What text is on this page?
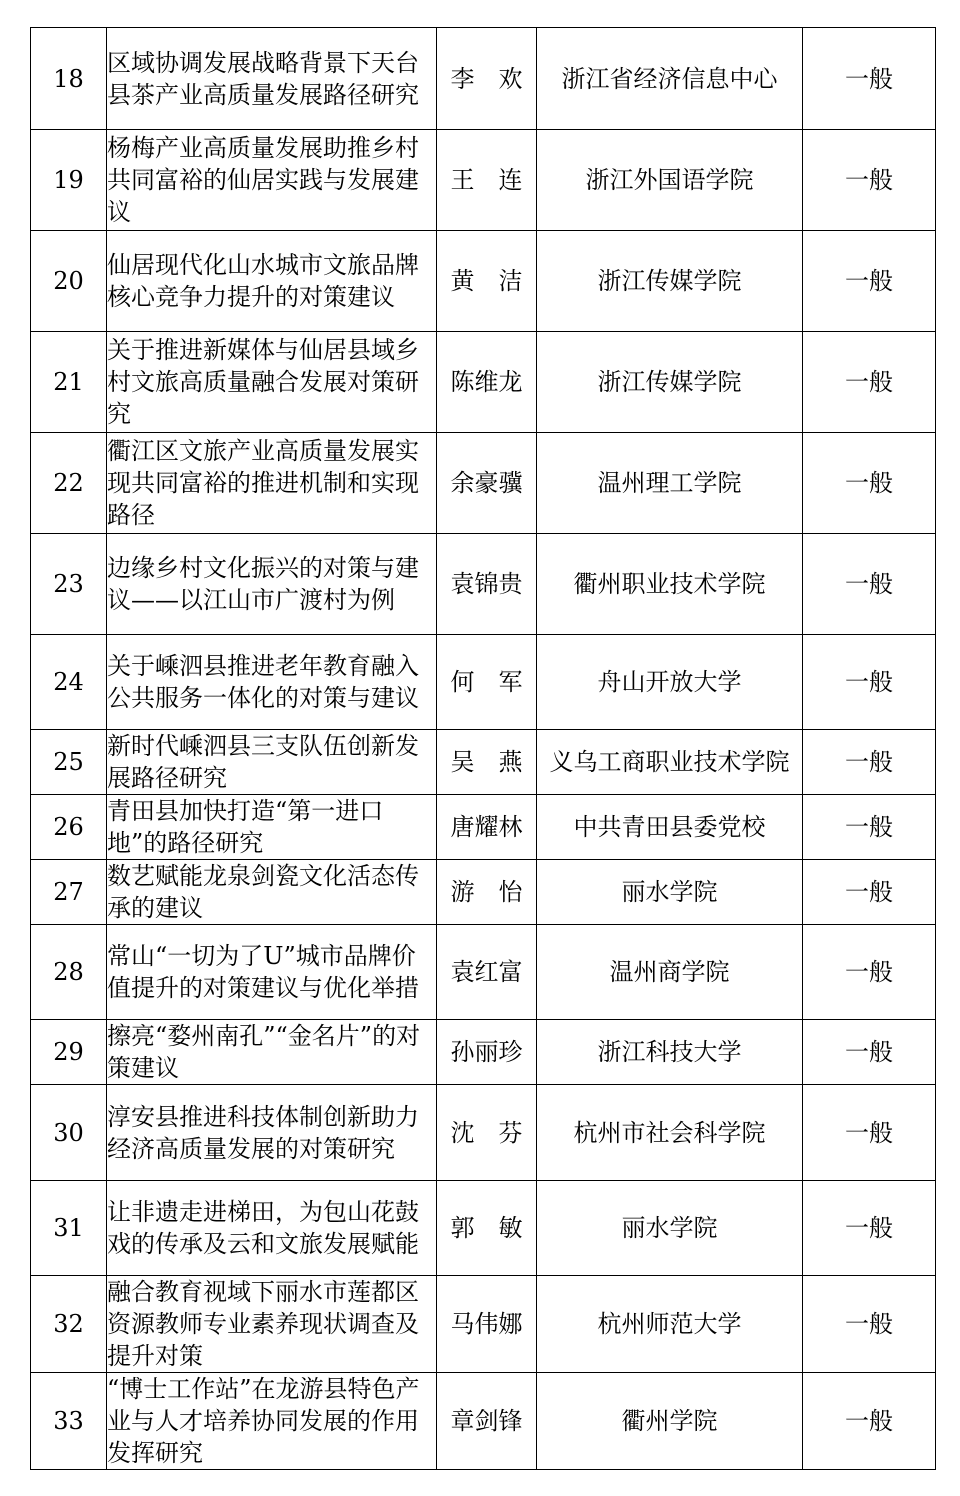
18	区域协调发展战略背景下天台县茶产业高质量发展路径研究	李　欢	浙江省经济信息中心	一般
19	杨梅产业高质量发展助推乡村共同富裕的仙居实践与发展建议	王　连	浙江外国语学院	一般
20	仙居现代化山水城市文旅品牌核心竞争力提升的对策建议	黄　洁	浙江传媒学院	一般
21	关于推进新媒体与仙居县域乡村文旅高质量融合发展对策研究	陈维龙	浙江传媒学院	一般
22	衢江区文旅产业高质量发展实现共同富裕的推进机制和实现路径	余豪骥	温州理工学院	一般
23	边缘乡村文化振兴的对策与建议——以江山市广渡村为例	袁锦贵	衢州职业技术学院	一般
24	关于嵊泗县推进老年教育融入公共服务一体化的对策与建议	何　军	舟山开放大学	一般
25	新时代嵊泗县三支队伍创新发展路径研究	吴　燕	义乌工商职业技术学院	一般
26	青田县加快打造“第一进口地”的路径研究	唐耀林	中共青田县委党校	一般
27	数艺赋能龙泉剑瓷文化活态传承的建议	游　怡	丽水学院	一般
28	常山“一切为了U”城市品牌价值提升的对策建议与优化举措	袁红富	温州商学院	一般
29	擦亮“婺州南孔”“金名片”的对策建议	孙丽珍	浙江科技大学	一般
30	淳安县推进科技体制创新助力经济高质量发展的对策研究	沈　芬	杭州市社会科学院	一般
31	让非遗走进梯田，为包山花鼓戏的传承及云和文旅发展赋能	郭　敏	丽水学院	一般
32	融合教育视域下丽水市莲都区资源教师专业素养现状调查及提升对策	马伟娜	杭州师范大学	一般
33	“博士工作站”在龙游县特色产业与人才培养协同发展的作用发挥研究	章剑锋	衢州学院	一般
